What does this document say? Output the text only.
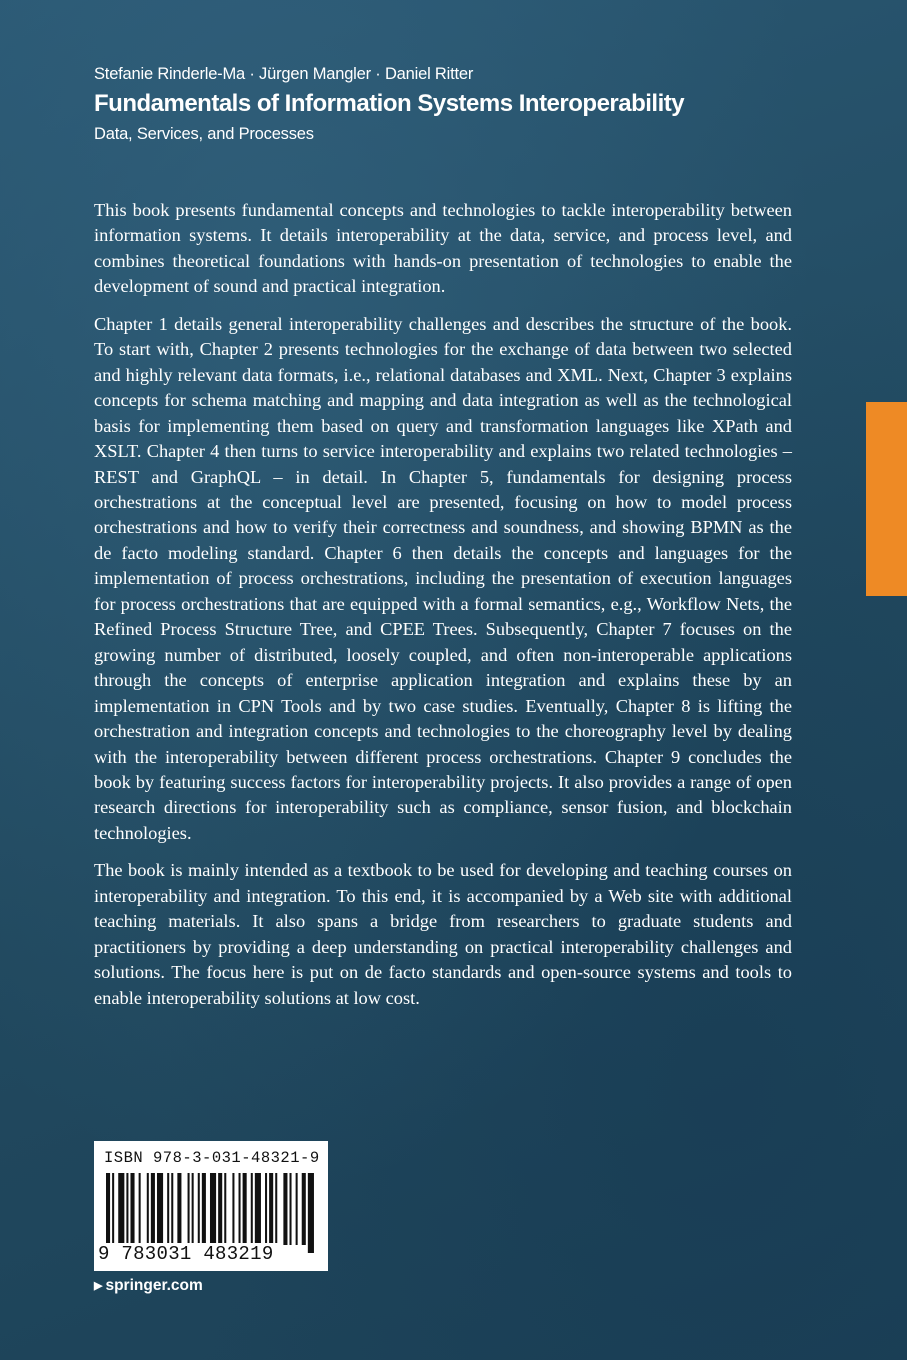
Stefanie Rinderle-Ma · Jürgen Mangler · Daniel Ritter
Fundamentals of Information Systems Interoperability
Data, Services, and Processes

This book presents fundamental concepts and technologies to tackle interoperability between information systems. It details interoperability at the data, service, and process level, and combines theoretical foundations with hands-on presentation of technologies to enable the development of sound and practical integration.

Chapter 1 details general interoperability challenges and describes the structure of the book. To start with, Chapter 2 presents technologies for the exchange of data between two selected and highly relevant data formats, i.e., relational databases and XML. Next, Chapter 3 explains concepts for schema matching and mapping and data integration as well as the technological basis for implementing them based on query and transformation languages like XPath and XSLT. Chapter 4 then turns to service interoperability and explains two related technologies – REST and GraphQL – in detail. In Chapter 5, fundamentals for designing process orchestrations at the conceptual level are presented, focusing on how to model process orchestrations and how to verify their correctness and soundness, and showing BPMN as the de facto modeling standard. Chapter 6 then details the concepts and languages for the implementation of process orchestrations, including the presentation of execution languages for process orchestrations that are equipped with a formal semantics, e.g., Workflow Nets, the Refined Process Structure Tree, and CPEE Trees. Subsequently, Chapter 7 focuses on the growing number of distributed, loosely coupled, and often non-interoperable applications through the concepts of enterprise application integration and explains these by an implementation in CPN Tools and by two case studies. Eventually, Chapter 8 is lifting the orchestration and integration concepts and technologies to the choreography level by dealing with the interoperability between different process orchestrations. Chapter 9 concludes the book by featuring success factors for interoperability projects. It also provides a range of open research directions for interoperability such as compliance, sensor fusion, and blockchain technologies.

The book is mainly intended as a textbook to be used for developing and teaching courses on interoperability and integration. To this end, it is accompanied by a Web site with additional teaching materials. It also spans a bridge from researchers to graduate students and practitioners by providing a deep understanding on practical interoperability challenges and solutions. The focus here is put on de facto standards and open-source systems and tools to enable interoperability solutions at low cost.

ISBN 978-3-031-48321-9
9 783031 483219
▶ springer.com
